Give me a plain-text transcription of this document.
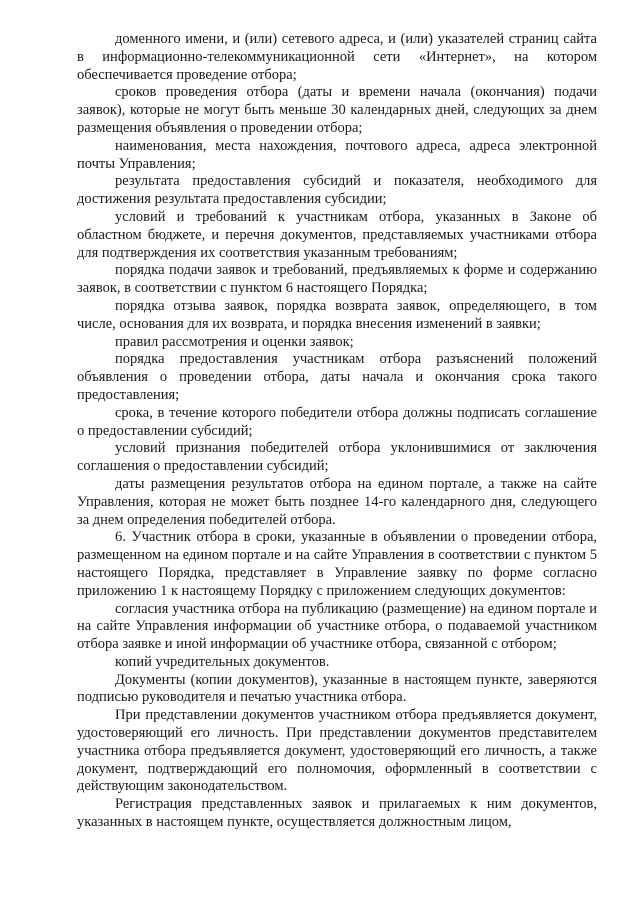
доменного имени, и (или) сетевого адреса, и (или) указателей страниц сайта в информационно-телекоммуникационной сети «Интернет», на котором обеспечивается проведение отбора;

сроков проведения отбора (даты и времени начала (окончания) подачи заявок), которые не могут быть меньше 30 календарных дней, следующих за днем размещения объявления о проведении отбора;

наименования, места нахождения, почтового адреса, адреса электронной почты Управления;

результата предоставления субсидий и показателя, необходимого для достижения результата предоставления субсидии;

условий и требований к участникам отбора, указанных в Законе об областном бюджете, и перечня документов, представляемых участниками отбора для подтверждения их соответствия указанным требованиям;

порядка подачи заявок и требований, предъявляемых к форме и содержанию заявок, в соответствии с пунктом 6 настоящего Порядка;

порядка отзыва заявок, порядка возврата заявок, определяющего, в том числе, основания для их возврата, и порядка внесения изменений в заявки;

правил рассмотрения и оценки заявок;

порядка предоставления участникам отбора разъяснений положений объявления о проведении отбора, даты начала и окончания срока такого предоставления;

срока, в течение которого победители отбора должны подписать соглашение о предоставлении субсидий;

условий признания победителей отбора уклонившимися от заключения соглашения о предоставлении субсидий;

даты размещения результатов отбора на едином портале, а также на сайте Управления, которая не может быть позднее 14-го календарного дня, следующего за днем определения победителей отбора.

6. Участник отбора в сроки, указанные в объявлении о проведении отбора, размещенном на едином портале и на сайте Управления в соответствии с пунктом 5 настоящего Порядка, представляет в Управление заявку по форме согласно приложению 1 к настоящему Порядку с приложением следующих документов:

согласия участника отбора на публикацию (размещение) на едином портале и на сайте Управления информации об участнике отбора, о подаваемой участником отбора заявке и иной информации об участнике отбора, связанной с отбором;

копий учредительных документов.

Документы (копии документов), указанные в настоящем пункте, заверяются подписью руководителя и печатью участника отбора.

При представлении документов участником отбора предъявляется документ, удостоверяющий его личность. При представлении документов представителем участника отбора предъявляется документ, удостоверяющий его личность, а также документ, подтверждающий его полномочия, оформленный в соответствии с действующим законодательством.

Регистрация представленных заявок и прилагаемых к ним документов, указанных в настоящем пункте, осуществляется должностным лицом,
